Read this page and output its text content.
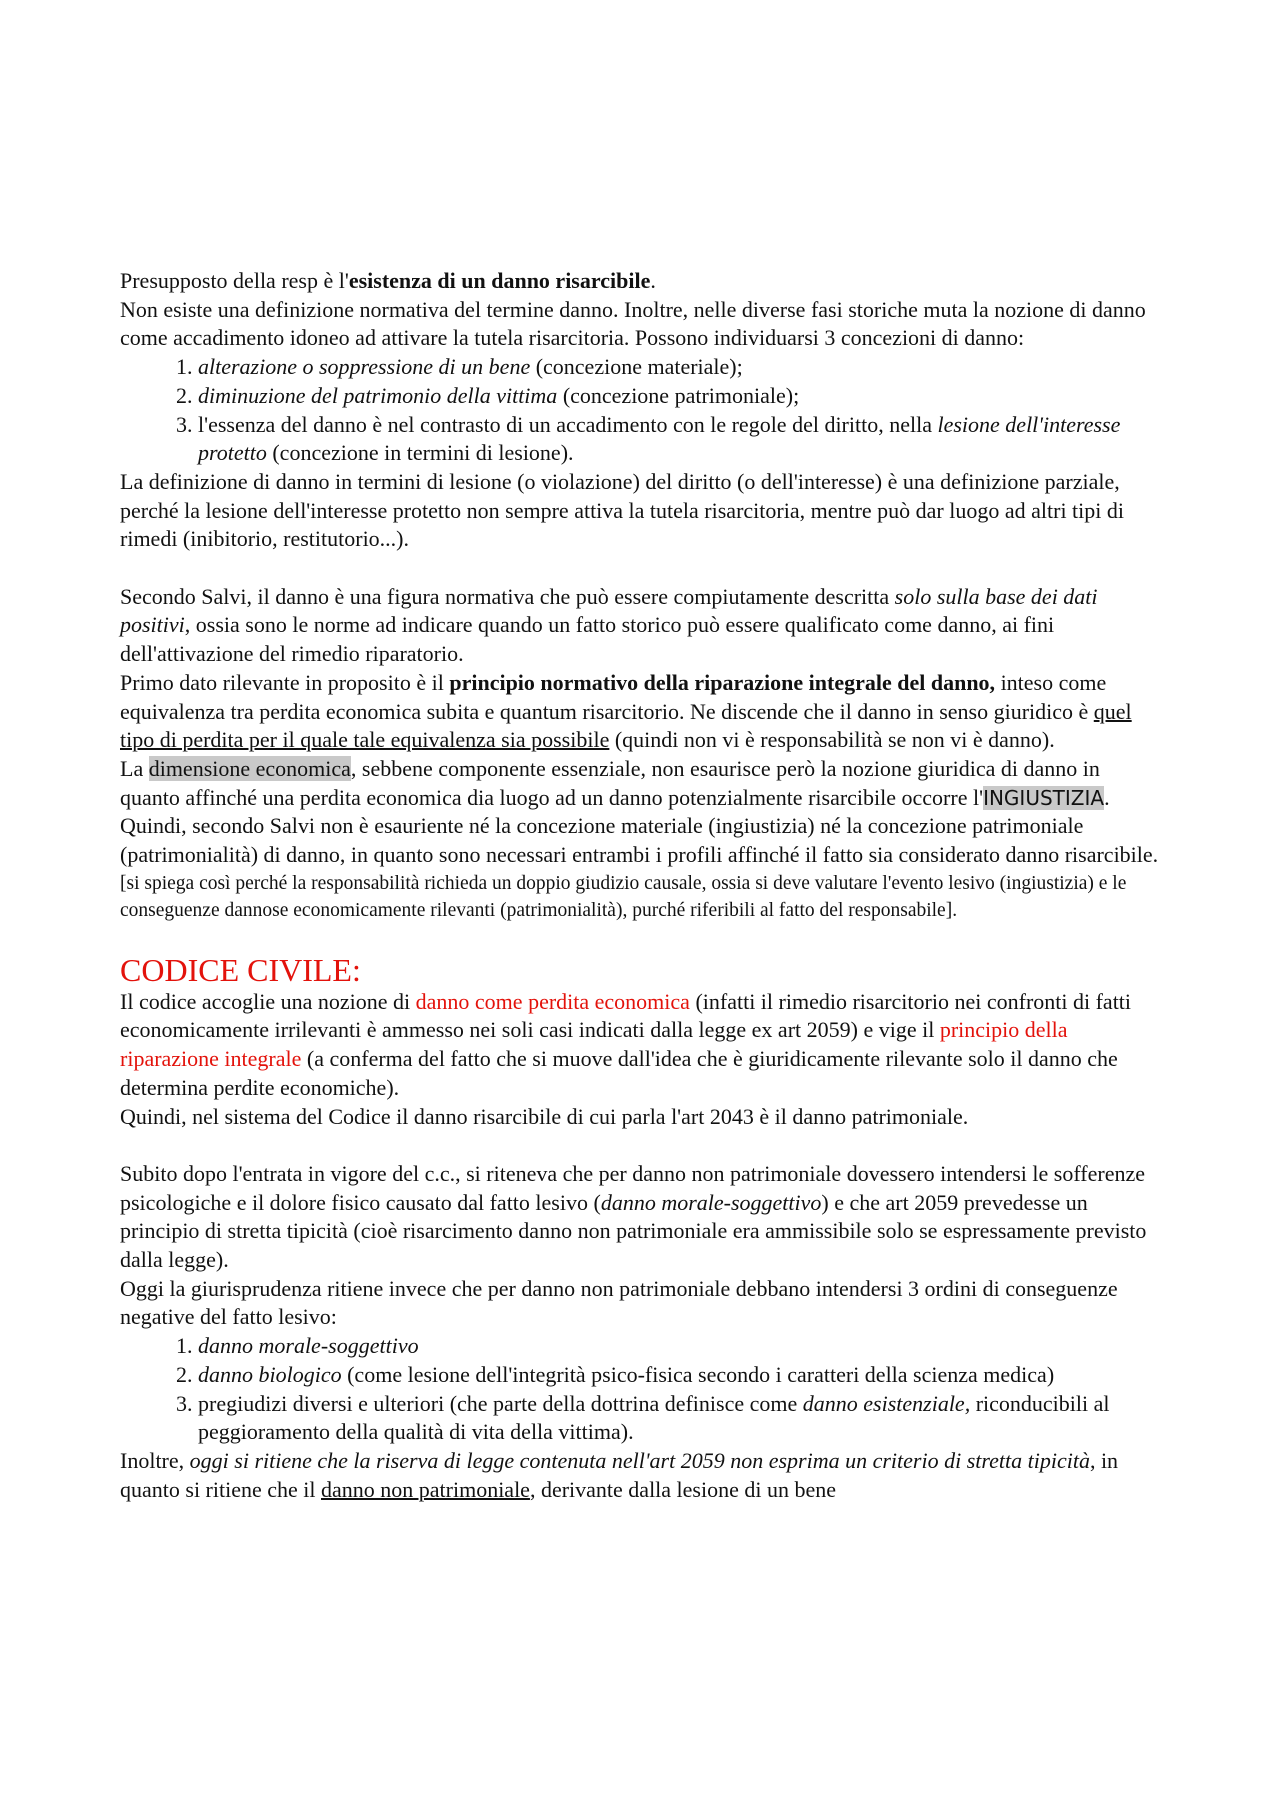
Presupposto della resp è l'esistenza di un danno risarcibile.

Non esiste una definizione normativa del termine danno. Inoltre, nelle diverse fasi storiche muta la nozione di danno come accadimento idoneo ad attivare la tutela risarcitoria. Possono individuarsi 3 concezioni di danno:

1. alterazione o soppressione di un bene (concezione materiale);
2. diminuzione del patrimonio della vittima (concezione patrimoniale);
3. l'essenza del danno è nel contrasto di un accadimento con le regole del diritto, nella lesione dell'interesse protetto (concezione in termini di lesione).

La definizione di danno in termini di lesione (o violazione) del diritto (o dell'interesse) è una definizione parziale, perché la lesione dell'interesse protetto non sempre attiva la tutela risarcitoria, mentre può dar luogo ad altri tipi di rimedi (inibitorio, restitutorio...).

Secondo Salvi, il danno è una figura normativa che può essere compiutamente descritta solo sulla base dei dati positivi, ossia sono le norme ad indicare quando un fatto storico può essere qualificato come danno, ai fini dell'attivazione del rimedio riparatorio.

Primo dato rilevante in proposito è il principio normativo della riparazione integrale del danno, inteso come equivalenza tra perdita economica subita e quantum risarcitorio. Ne discende che il danno in senso giuridico è quel tipo di perdita per il quale tale equivalenza sia possibile (quindi non vi è responsabilità se non vi è danno).

La dimensione economica, sebbene componente essenziale, non esaurisce però la nozione giuridica di danno in quanto affinché una perdita economica dia luogo ad un danno potenzialmente risarcibile occorre l'INGIUSTIZIA.

Quindi, secondo Salvi non è esauriente né la concezione materiale (ingiustizia) né la concezione patrimoniale (patrimonialità) di danno, in quanto sono necessari entrambi i profili affinché il fatto sia considerato danno risarcibile.

[si spiega così perché la responsabilità richieda un doppio giudizio causale, ossia si deve valutare l'evento lesivo (ingiustizia) e le conseguenze dannose economicamente rilevanti (patrimonialità), purché riferibili al fatto del responsabile].

CODICE CIVILE:

Il codice accoglie una nozione di danno come perdita economica (infatti il rimedio risarcitorio nei confronti di fatti economicamente irrilevanti è ammesso nei soli casi indicati dalla legge ex art 2059) e vige il principio della riparazione integrale (a conferma del fatto che si muove dall'idea che è giuridicamente rilevante solo il danno che determina perdite economiche).

Quindi, nel sistema del Codice il danno risarcibile di cui parla l'art 2043 è il danno patrimoniale.

Subito dopo l'entrata in vigore del c.c., si riteneva che per danno non patrimoniale dovessero intendersi le sofferenze psicologiche e il dolore fisico causato dal fatto lesivo (danno morale-soggettivo) e che art 2059 prevedesse un principio di stretta tipicità (cioè risarcimento danno non patrimoniale era ammissibile solo se espressamente previsto dalla legge).

Oggi la giurisprudenza ritiene invece che per danno non patrimoniale debbano intendersi 3 ordini di conseguenze negative del fatto lesivo:

1. danno morale-soggettivo
2. danno biologico (come lesione dell'integrità psico-fisica secondo i caratteri della scienza medica)
3. pregiudizi diversi e ulteriori (che parte della dottrina definisce come danno esistenziale, riconducibili al peggioramento della qualità di vita della vittima).

Inoltre, oggi si ritiene che la riserva di legge contenuta nell'art 2059 non esprima un criterio di stretta tipicità, in quanto si ritiene che il danno non patrimoniale, derivante dalla lesione di un bene
